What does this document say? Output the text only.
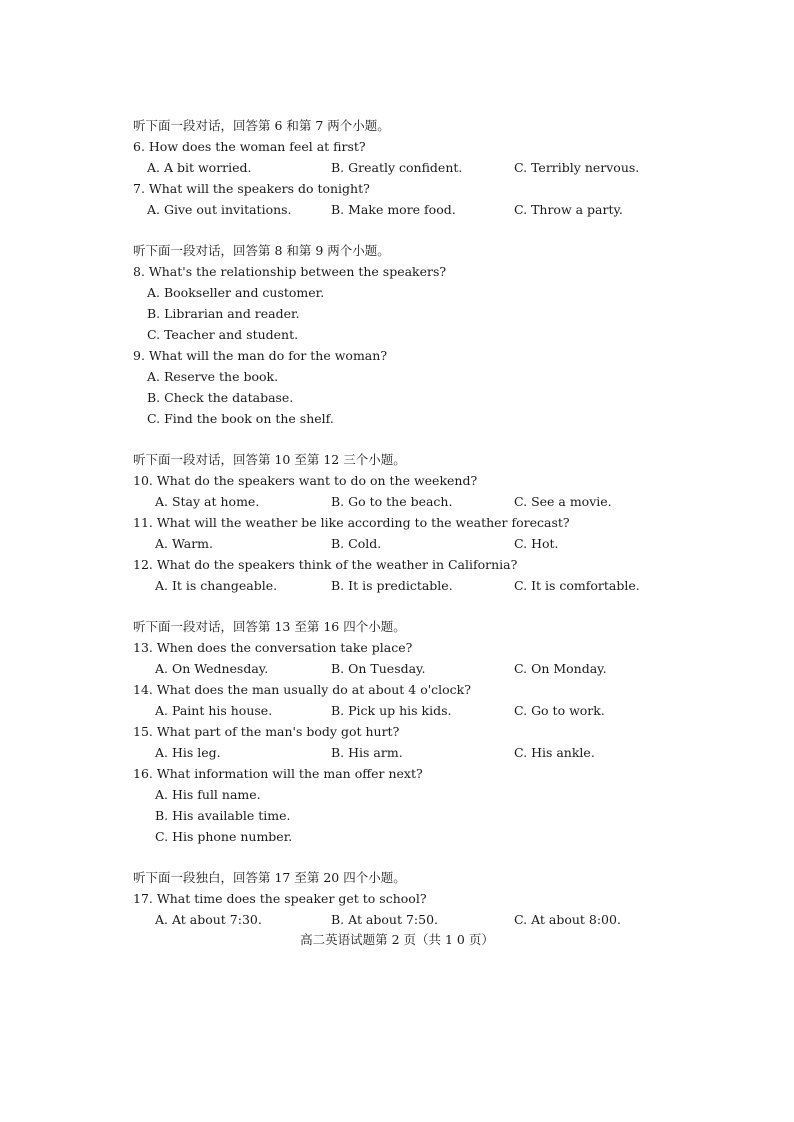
听下面一段对话，回答第 6 和第 7 两个小题。
6. How does the woman feel at first?
A. A bit worried.	B. Greatly confident.	C. Terribly nervous.
7. What will the speakers do tonight?
A. Give out invitations.	B. Make more food.	C. Throw a party.
听下面一段对话，回答第 8 和第 9 两个小题。
8. What's the relationship between the speakers?
A. Bookseller and customer.
B. Librarian and reader.
C. Teacher and student.
9. What will the man do for the woman?
A. Reserve the book.
B. Check the database.
C. Find the book on the shelf.
听下面一段对话，回答第 10 至第 12 三个小题。
10. What do the speakers want to do on the weekend?
A. Stay at home.	B. Go to the beach.	C. See a movie.
11. What will the weather be like according to the weather forecast?
A. Warm.	B. Cold.	C. Hot.
12. What do the speakers think of the weather in California?
A. It is changeable.	B. It is predictable.	C. It is comfortable.
听下面一段对话，回答第 13 至第 16 四个小题。
13. When does the conversation take place?
A. On Wednesday.	B. On Tuesday.	C. On Monday.
14. What does the man usually do at about 4 o'clock?
A. Paint his house.	B. Pick up his kids.	C. Go to work.
15. What part of the man's body got hurt?
A. His leg.	B. His arm.	C. His ankle.
16. What information will the man offer next?
A. His full name.
B. His available time.
C. His phone number.
听下面一段独白，回答第 17 至第 20 四个小题。
17. What time does the speaker get to school?
A. At about 7:30.	B. At about 7:50.	C. At about 8:00.
高二英语试题第 2 页（共 1 0 页）
